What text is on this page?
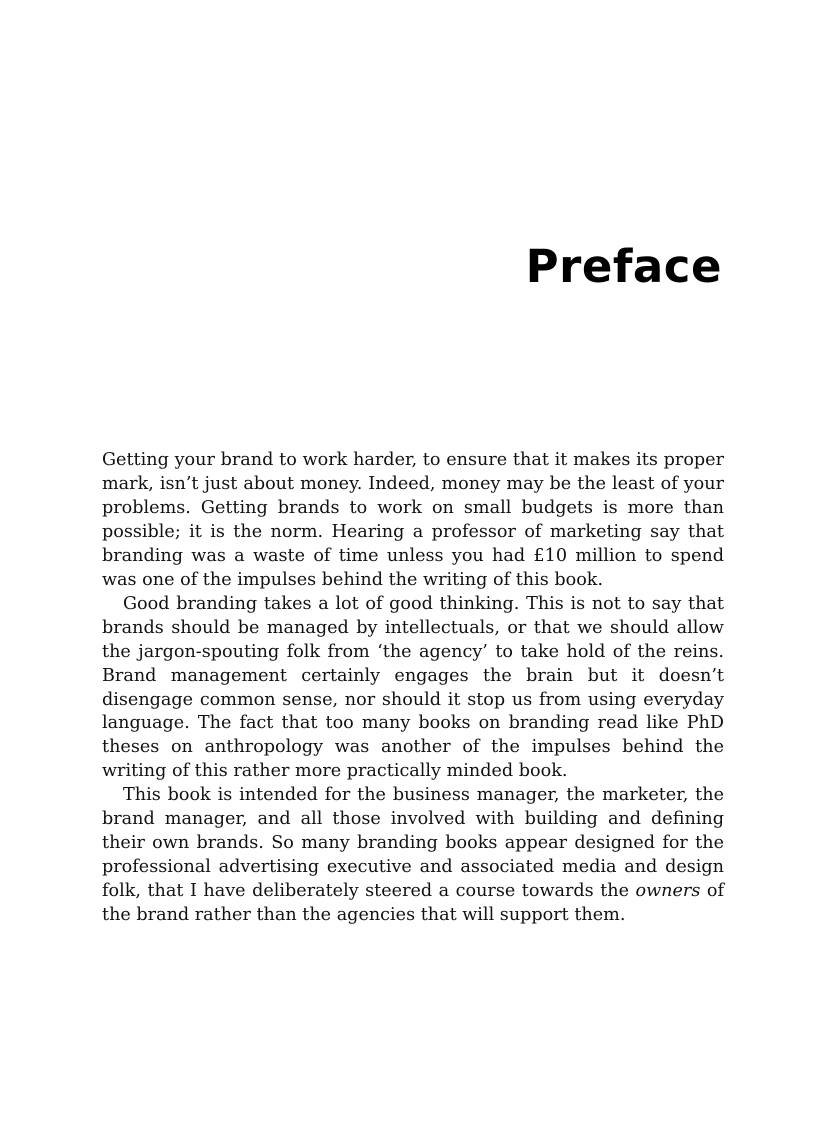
Preface

Getting your brand to work harder, to ensure that it makes its proper mark, isn’t just about money. Indeed, money may be the least of your problems. Getting brands to work on small budgets is more than possible; it is the norm. Hearing a professor of marketing say that branding was a waste of time unless you had £10 million to spend was one of the impulses behind the writing of this book.

Good branding takes a lot of good thinking. This is not to say that brands should be managed by intellectuals, or that we should allow the jargon-spouting folk from ‘the agency’ to take hold of the reins. Brand management certainly engages the brain but it doesn’t disengage common sense, nor should it stop us from using everyday language. The fact that too many books on branding read like PhD theses on anthropology was another of the impulses behind the writing of this rather more practically minded book.

This book is intended for the business manager, the marketer, the brand manager, and all those involved with building and defining their own brands. So many branding books appear designed for the professional advertising executive and associated media and design folk, that I have deliberately steered a course towards the owners of the brand rather than the agencies that will support them.
